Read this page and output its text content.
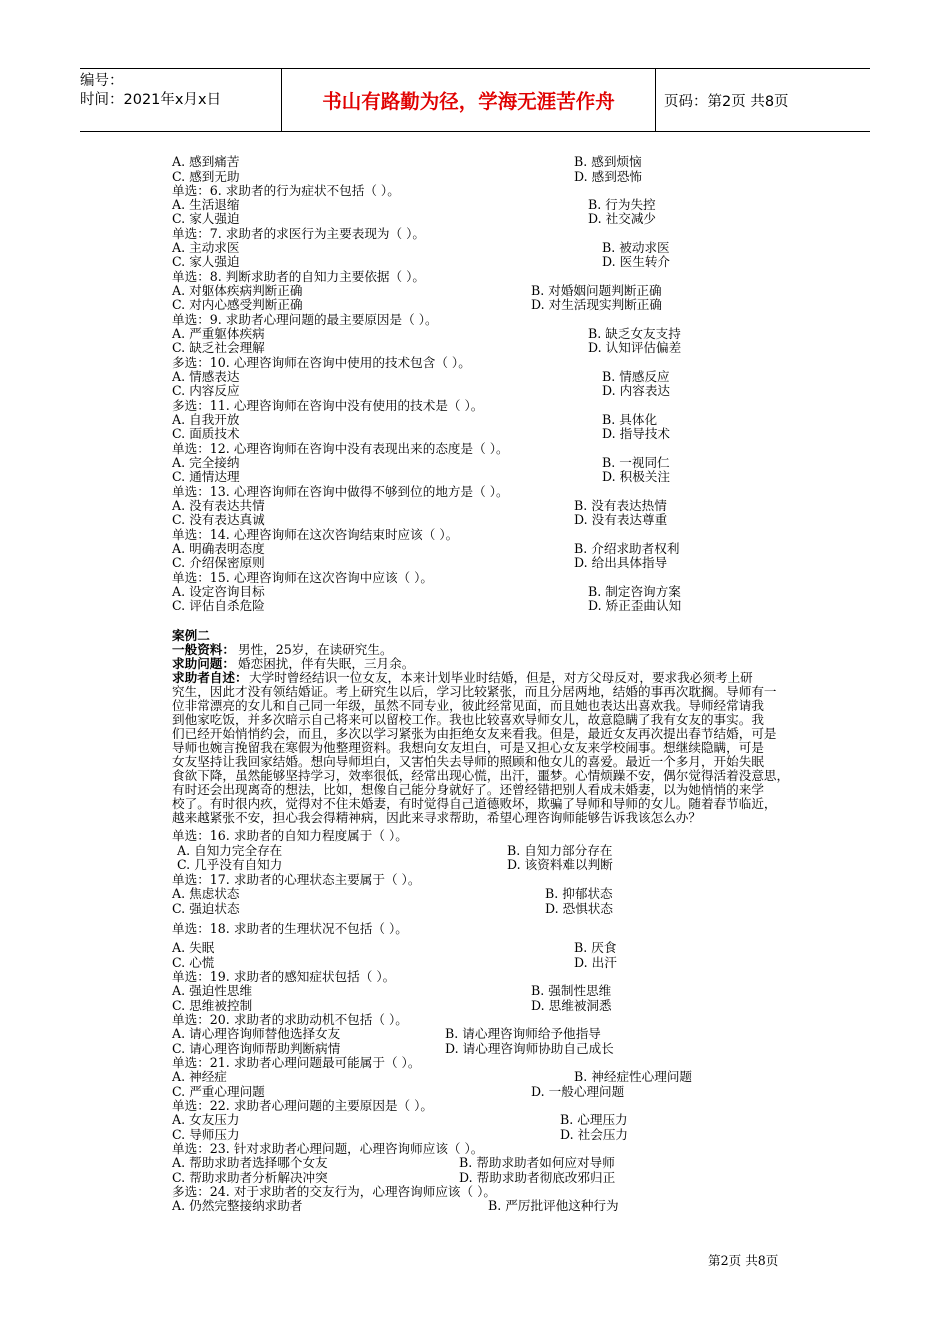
编号：
时间：2021年x月x日	书山有路勤为径，学海无涯苦作舟	页码：第2页 共8页
A. 感到痛苦	B. 感到烦恼
C. 感到无助	D. 感到恐怖
单选：6. 求助者的行为症状不包括（ ）。
A. 生活退缩	B. 行为失控
C. 家人强迫	D. 社交减少
单选：7. 求助者的求医行为主要表现为（ ）。
A. 主动求医	B. 被动求医
C. 家人强迫	D. 医生转介
单选：8. 判断求助者的自知力主要依据（ ）。
A. 对躯体疾病判断正确	B. 对婚姻问题判断正确
C. 对内心感受判断正确	D. 对生活现实判断正确
单选：9. 求助者心理问题的最主要原因是（ ）。
A. 严重躯体疾病	B. 缺乏女友支持
C. 缺乏社会理解	D. 认知评估偏差
多选：10. 心理咨询师在咨询中使用的技术包含（ ）。
A. 情感表达	B. 情感反应
C. 内容反应	D. 内容表达
多选：11. 心理咨询师在咨询中没有使用的技术是（ ）。
A. 自我开放	B. 具体化
C. 面质技术	D. 指导技术
单选：12. 心理咨询师在咨询中没有表现出来的态度是（ ）。
A. 完全接纳	B. 一视同仁
C. 通情达理	D. 积极关注
单选：13. 心理咨询师在咨询中做得不够到位的地方是（ ）。
A. 没有表达共情	B. 没有表达热情
C. 没有表达真诚	D. 没有表达尊重
单选：14. 心理咨询师在这次咨询结束时应该（ ）。
A. 明确表明态度	B. 介绍求助者权利
C. 介绍保密原则	D. 给出具体指导
单选：15. 心理咨询师在这次咨询中应该（ ）。
A. 设定咨询目标	B. 制定咨询方案
C. 评估自杀危险	D. 矫正歪曲认知
案例二
一般资料： 男性，25岁，在读研究生。
求助问题： 婚恋困扰，伴有失眠，三月余。
求助者自述： 大学时曾经结识一位女友，本来计划毕业时结婚，但是，对方父母反对，要求我必须考上研
究生，因此才没有领结婚证。考上研究生以后，学习比较紧张，而且分居两地，结婚的事再次耽搁。导师有一
位非常漂亮的女儿和自己同一年级，虽然不同专业，彼此经常见面，而且她也表达出喜欢我。导师经常请我
到他家吃饭，并多次暗示自己将来可以留校工作。我也比较喜欢导师女儿，故意隐瞒了我有女友的事实。我
们已经开始悄悄约会，而且，多次以学习紧张为由拒绝女友来看我。但是，最近女友再次提出春节结婚，可是
导师也婉言挽留我在寒假为他整理资料。我想向女友坦白，可是又担心女友来学校闹事。想继续隐瞒，可是
女友坚持让我回家结婚。想向导师坦白，又害怕失去导师的照顾和他女儿的喜爱。最近一个多月，开始失眠
食欲下降，虽然能够坚持学习，效率很低，经常出现心慌，出汗，噩梦。心情烦躁不安，偶尔觉得活着没意思，
有时还会出现离奇的想法，比如，想像自己能分身就好了。还曾经错把别人看成未婚妻，以为她悄悄的来学
校了。有时很内疚，觉得对不住未婚妻，有时觉得自己道德败坏，欺骗了导师和导师的女儿。随着春节临近，
越来越紧张不安，担心我会得精神病，因此来寻求帮助，希望心理咨询师能够告诉我该怎么办？
单选：16. 求助者的自知力程度属于（ ）。
A. 自知力完全存在	B. 自知力部分存在
C. 几乎没有自知力	D. 该资料难以判断
单选：17. 求助者的心理状态主要属于（ ）。
A. 焦虑状态	B. 抑郁状态
C. 强迫状态	D. 恐惧状态
单选：18. 求助者的生理状况不包括（ ）。
A. 失眠	B. 厌食
C. 心慌	D. 出汗
单选：19. 求助者的感知症状包括（ ）。
A. 强迫性思维	B. 强制性思维
C. 思维被控制	D. 思维被洞悉
单选：20. 求助者的求助动机不包括（ ）。
A. 请心理咨询师替他选择女友	B. 请心理咨询师给予他指导
C. 请心理咨询师帮助判断病情	D. 请心理咨询师协助自己成长
单选：21. 求助者心理问题最可能属于（ ）。
A. 神经症	B. 神经症性心理问题
C. 严重心理问题	D. 一般心理问题
单选：22. 求助者心理问题的主要原因是（ ）。
A. 女友压力	B. 心理压力
C. 导师压力	D. 社会压力
单选：23. 针对求助者心理问题，心理咨询师应该（ ）。
A. 帮助求助者选择哪个女友	B. 帮助求助者如何应对导师
C. 帮助求助者分析解决冲突	D. 帮助求助者彻底改邪归正
多选：24. 对于求助者的交友行为，心理咨询师应该（ ）。
A. 仍然完整接纳求助者	B. 严厉批评他这种行为
第2页 共8页
